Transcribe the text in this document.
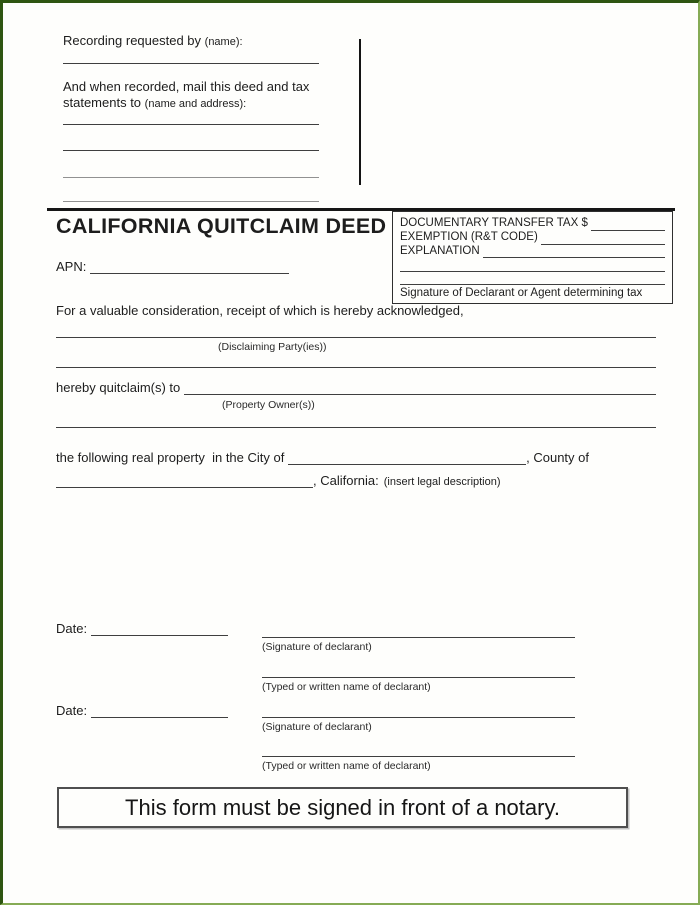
Recording requested by (name):
And when recorded, mail this deed and tax
statements to (name and address):
CALIFORNIA QUITCLAIM DEED DOCUMENTARY TRANSFER TAX $
EXEMPTION (R&T CODE)
EXPLANATION
Signature of Declarant or Agent determining tax
APN:
For a valuable consideration, receipt of which is hereby acknowledged,
(Disclaiming Party(ies))
hereby quitclaim(s) to
(Property Owner(s))
the following real property  in the City of	, County of
, California: (insert legal description)
Date:
(Signature of declarant)
(Typed or written name of declarant)
Date:
(Signature of declarant)
(Typed or written name of declarant)
This form must be signed in front of a notary.
